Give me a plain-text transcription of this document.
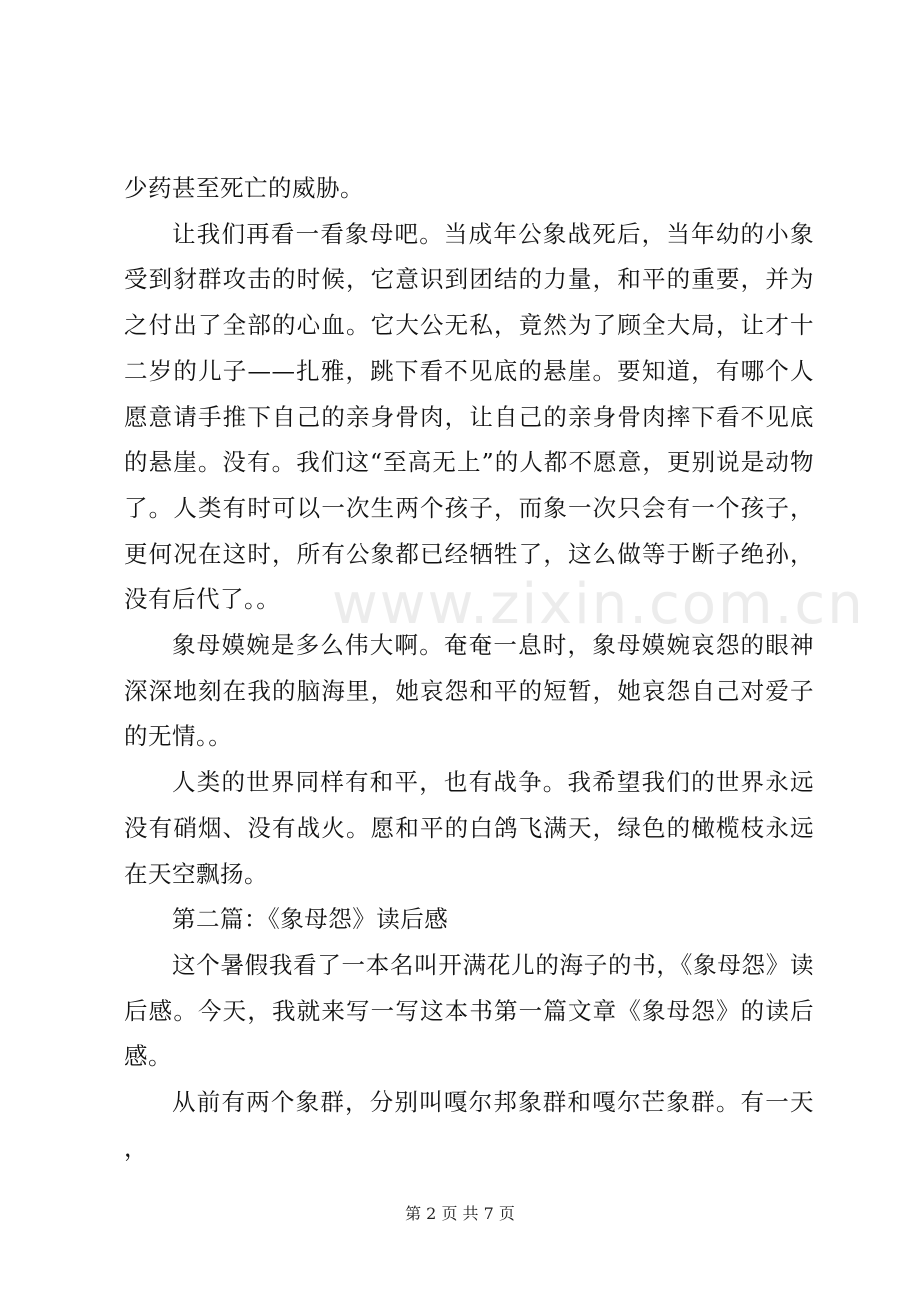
www.zixin.com.cn

少药甚至死亡的威胁。

让我们再看一看象母吧。当成年公象战死后，当年幼的小象受到豺群攻击的时候，它意识到团结的力量，和平的重要，并为之付出了全部的心血。它大公无私，竟然为了顾全大局，让才十二岁的儿子——扎雅，跳下看不见底的悬崖。要知道，有哪个人愿意请手推下自己的亲身骨肉，让自己的亲身骨肉摔下看不见底的悬崖。没有。我们这“至高无上”的人都不愿意，更别说是动物了。人类有时可以一次生两个孩子，而象一次只会有一个孩子，更何况在这时，所有公象都已经牺牲了，这么做等于断子绝孙，没有后代了。。

象母嫫婉是多么伟大啊。奄奄一息时，象母嫫婉哀怨的眼神深深地刻在我的脑海里，她哀怨和平的短暂，她哀怨自己对爱子的无情。。

人类的世界同样有和平，也有战争。我希望我们的世界永远没有硝烟、没有战火。愿和平的白鸽飞满天，绿色的橄榄枝永远在天空飘扬。

第二篇：《象母怨》读后感

这个暑假我看了一本名叫开满花儿的海子的书，《象母怨》读后感。今天，我就来写一写这本书第一篇文章《象母怨》的读后感。

从前有两个象群，分别叫嘎尔邦象群和嘎尔芒象群。有一天，

第 2 页 共 7 页
